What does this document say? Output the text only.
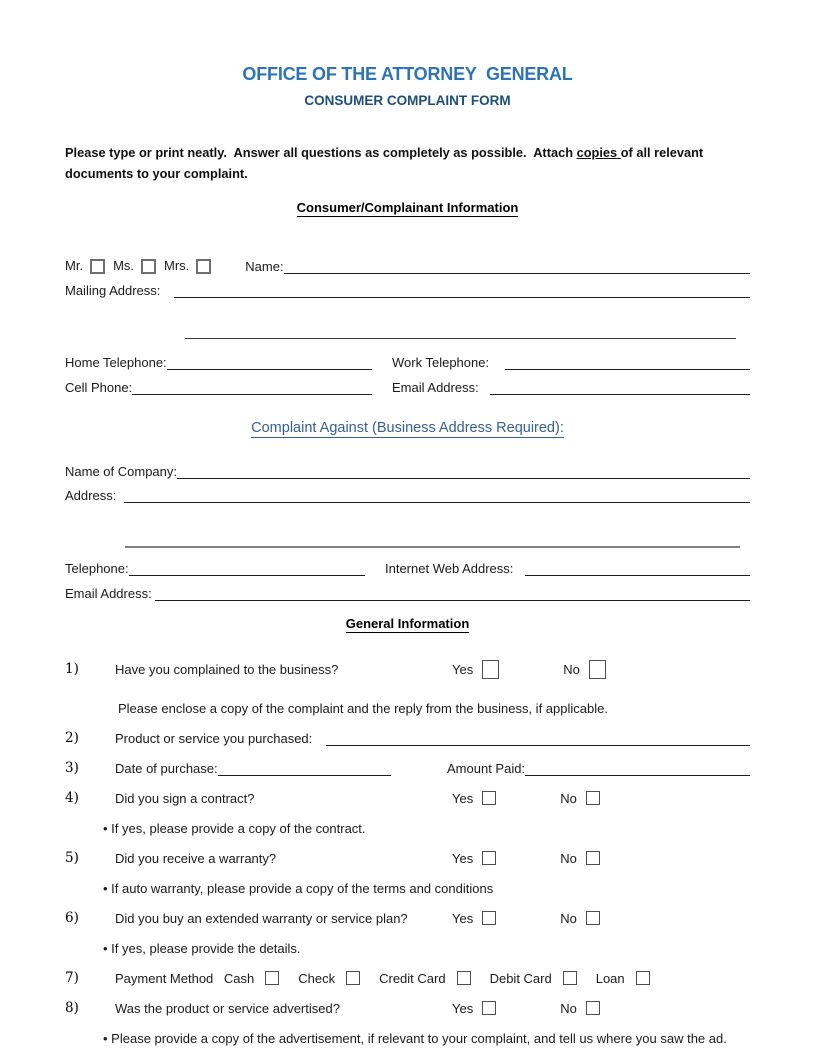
OFFICE OF THE ATTORNEY  GENERAL
CONSUMER COMPLAINT FORM

Please type or print neatly.  Answer all questions as completely as possible.  Attach copies of all relevant documents to your complaint.

Consumer/Complainant Information
Mr. Ms. Mrs.	Name:
Mailing Address:
Home Telephone:	Work Telephone:
Cell Phone:	Email Address:
Complaint Against (Business Address Required):
Name of Company:
Address:
Telephone:	Internet Web Address:
Email Address:
General Information
1)	Have you complained to the business?	Yes	No
Please enclose a copy of the complaint and the reply from the business, if applicable.
2)	Product or service you purchased:
3)	Date of purchase:	Amount Paid:
4)	Did you sign a contract?	Yes	No
• If yes, please provide a copy of the contract.
5)	Did you receive a warranty?	Yes	No
• If auto warranty, please provide a copy of the terms and conditions
6)	Did you buy an extended warranty or service plan?	Yes	No
• If yes, please provide the details.
7)	Payment Method Cash	Check	Credit Card	Debit Card	Loan
8)	Was the product or service advertised?	Yes	No
• Please provide a copy of the advertisement, if relevant to your complaint, and tell us where you saw the ad.
